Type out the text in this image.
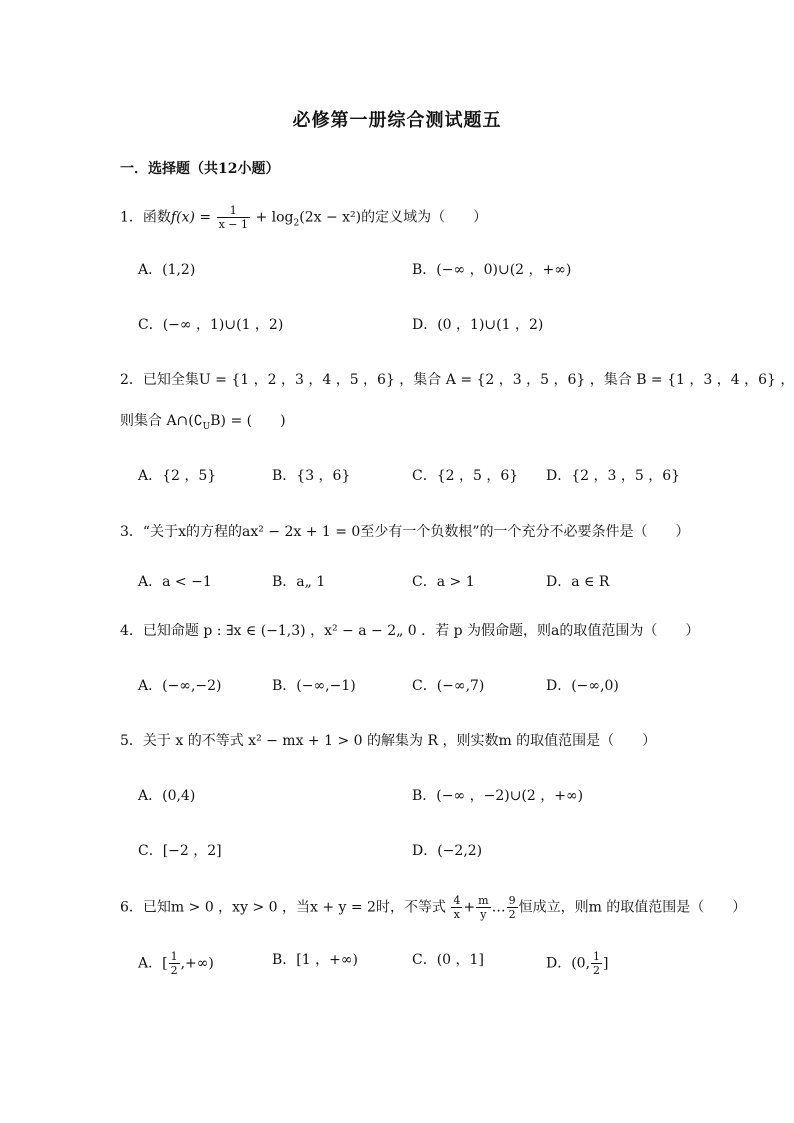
必修第一册综合测试题五
一．选择题（共12小题）
1．函数$f(x) = \frac{1}{x - 1} + \log_2(2x - x^2)$的定义域为（　　）
A．(1,2)	B．(−∞ ，0)∪(2 ，+∞)
C．(−∞ ，1)∪(1 ，2)	D．(0 ，1)∪(1 ，2)
2．已知全集U = {1 ，2 ，3 ，4 ，5 ，6} ，集合 A = {2 ，3 ，5 ，6} ，集合 B = {1 ，3 ，4 ，6} ，
则集合 $A\cap(∁_UB)$ = (　　)
A．{2 ，5}	B．{3 ，6}	C．{2 ，5 ，6} D．{2 ，3 ，5 ，6}
3．“关于x的方程的ax² − 2x + 1 = 0至少有一个负数根”的一个充分不必要条件是（　　）
A．a < −1	B．a„ 1	C．a > 1	D．a ∈ R
4．已知命题 p : ∃x ∈ (−1,3) ，x² − a − 2„ 0 ．若 p 为假命题，则a的取值范围为（　　）
A．(−∞,−2)	B．(−∞,−1)	C．(−∞,7)	D．(−∞,0)
5．关于 x 的不等式 x² − mx + 1 > 0 的解集为 R ，则实数m 的取值范围是（　　）
A．(0,4)	B．(−∞ ，−2)∪(2 ，+∞)
C．[−2 ，2]	D．(−2,2)
6．已知m > 0 ，xy > 0 ，当x + y = 2时，不等式 $\frac{4}{x} + \frac{m}{y}$ … $\frac{9}{2}$ 恒成立，则m 的取值范围是（　　）
A．[ $\frac{1}{2}$ ,+∞)	B．[1 ，+∞)	C．(0 ，1]	D．(0, $\frac{1}{2}$ ]
